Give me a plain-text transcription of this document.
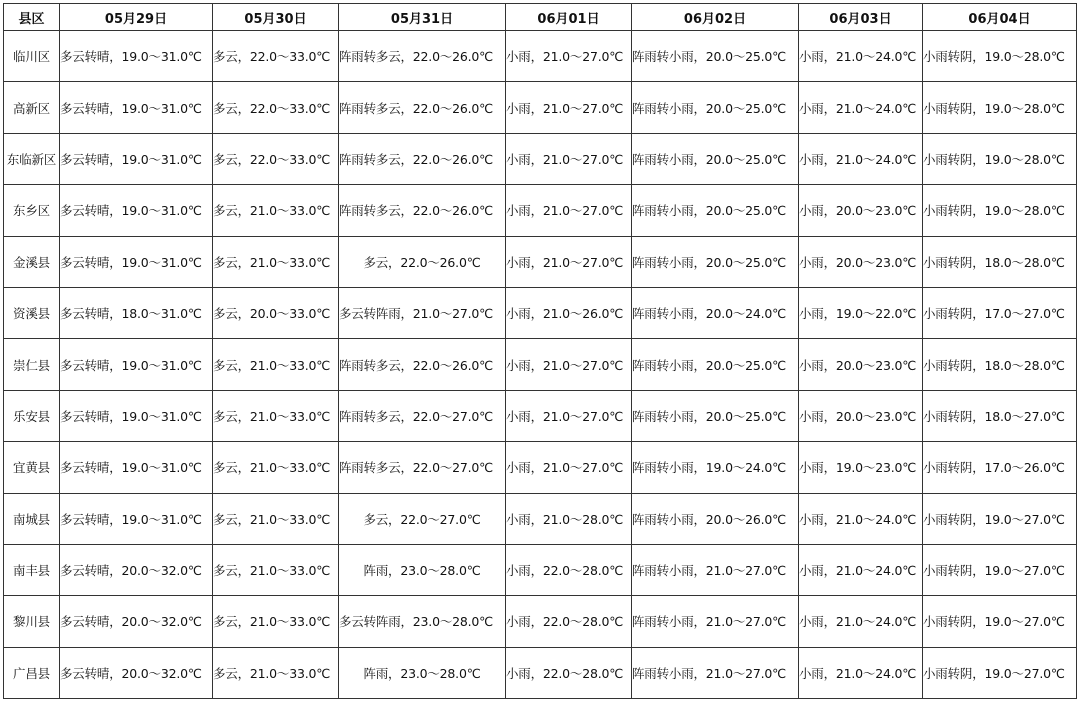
县区	05月29日	05月30日	05月31日	06月01日	06月02日	06月03日	06月04日
临川区	多云转晴，19.0～31.0℃	多云，22.0～33.0℃	阵雨转多云，22.0～26.0℃	小雨，21.0～27.0℃	阵雨转小雨，20.0～25.0℃	小雨，21.0～24.0℃	小雨转阴，19.0～28.0℃
高新区	多云转晴，19.0～31.0℃	多云，22.0～33.0℃	阵雨转多云，22.0～26.0℃	小雨，21.0～27.0℃	阵雨转小雨，20.0～25.0℃	小雨，21.0～24.0℃	小雨转阴，19.0～28.0℃
东临新区	多云转晴，19.0～31.0℃	多云，22.0～33.0℃	阵雨转多云，22.0～26.0℃	小雨，21.0～27.0℃	阵雨转小雨，20.0～25.0℃	小雨，21.0～24.0℃	小雨转阴，19.0～28.0℃
东乡区	多云转晴，19.0～31.0℃	多云，21.0～33.0℃	阵雨转多云，22.0～26.0℃	小雨，21.0～27.0℃	阵雨转小雨，20.0～25.0℃	小雨，20.0～23.0℃	小雨转阴，19.0～28.0℃
金溪县	多云转晴，19.0～31.0℃	多云，21.0～33.0℃	多云，22.0～26.0℃	小雨，21.0～27.0℃	阵雨转小雨，20.0～25.0℃	小雨，20.0～23.0℃	小雨转阴，18.0～28.0℃
资溪县	多云转晴，18.0～31.0℃	多云，20.0～33.0℃	多云转阵雨，21.0～27.0℃	小雨，21.0～26.0℃	阵雨转小雨，20.0～24.0℃	小雨，19.0～22.0℃	小雨转阴，17.0～27.0℃
崇仁县	多云转晴，19.0～31.0℃	多云，21.0～33.0℃	阵雨转多云，22.0～26.0℃	小雨，21.0～27.0℃	阵雨转小雨，20.0～25.0℃	小雨，20.0～23.0℃	小雨转阴，18.0～28.0℃
乐安县	多云转晴，19.0～31.0℃	多云，21.0～33.0℃	阵雨转多云，22.0～27.0℃	小雨，21.0～27.0℃	阵雨转小雨，20.0～25.0℃	小雨，20.0～23.0℃	小雨转阴，18.0～27.0℃
宜黄县	多云转晴，19.0～31.0℃	多云，21.0～33.0℃	阵雨转多云，22.0～27.0℃	小雨，21.0～27.0℃	阵雨转小雨，19.0～24.0℃	小雨，19.0～23.0℃	小雨转阴，17.0～26.0℃
南城县	多云转晴，19.0～31.0℃	多云，21.0～33.0℃	多云，22.0～27.0℃	小雨，21.0～28.0℃	阵雨转小雨，20.0～26.0℃	小雨，21.0～24.0℃	小雨转阴，19.0～27.0℃
南丰县	多云转晴，20.0～32.0℃	多云，21.0～33.0℃	阵雨，23.0～28.0℃	小雨，22.0～28.0℃	阵雨转小雨，21.0～27.0℃	小雨，21.0～24.0℃	小雨转阴，19.0～27.0℃
黎川县	多云转晴，20.0～32.0℃	多云，21.0～33.0℃	多云转阵雨，23.0～28.0℃	小雨，22.0～28.0℃	阵雨转小雨，21.0～27.0℃	小雨，21.0～24.0℃	小雨转阴，19.0～27.0℃
广昌县	多云转晴，20.0～32.0℃	多云，21.0～33.0℃	阵雨，23.0～28.0℃	小雨，22.0～28.0℃	阵雨转小雨，21.0～27.0℃	小雨，21.0～24.0℃	小雨转阴，19.0～27.0℃
